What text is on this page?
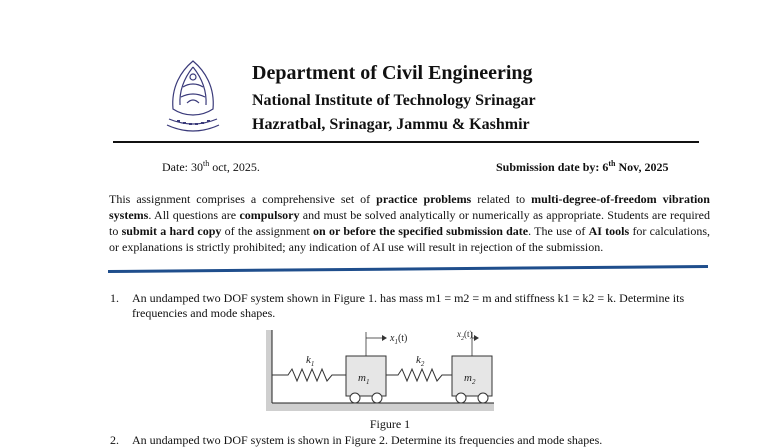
Department of Civil Engineering
National Institute of Technology Srinagar
Hazratbal, Srinagar, Jammu & Kashmir
Date: 30th oct, 2025.	Submission date by: 6th Nov, 2025
This assignment comprises a comprehensive set of practice problems related to multi-degree-of-freedom vibration systems. All questions are compulsory and must be solved analytically or numerically as appropriate. Students are required to submit a hard copy of the assignment on or before the specified submission date. The use of AI tools for calculations, or explanations is strictly prohibited; any indication of AI use will result in rejection of the submission.
1. An undamped two DOF system shown in Figure 1. has mass m1 = m2 = m and stiffness k1 = k2 = k. Determine its frequencies and mode shapes.
$k_1$
$m_1$
$x_1(t)$
$k_2$
$m_2$
$x_2(t)$
Figure 1
2. An undamped two DOF system is shown in Figure 2. Determine its frequencies and mode shapes.
